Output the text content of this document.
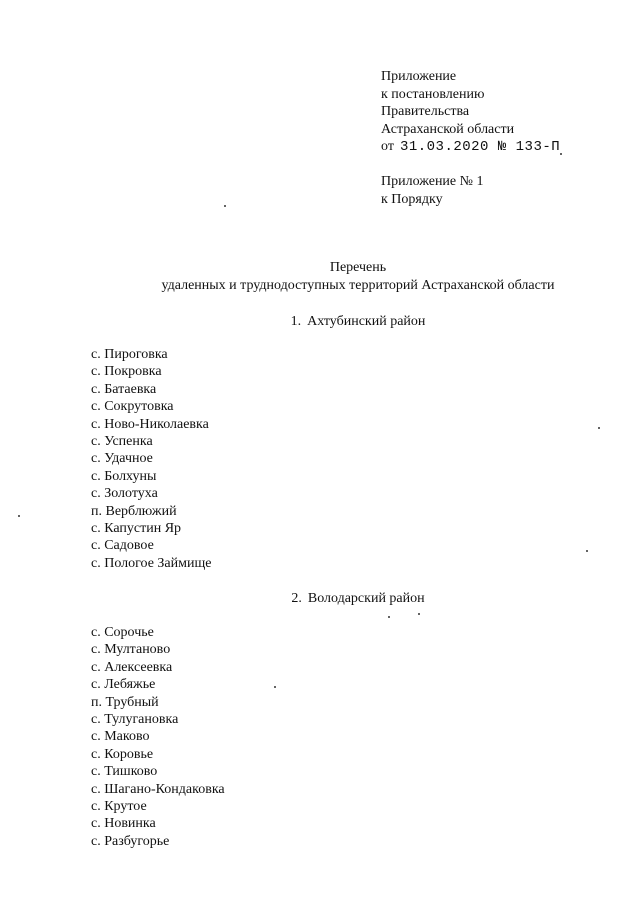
Приложение
к постановлению
Правительства
Астраханской области
от 31.03.2020 № 133-П
Приложение № 1
к Порядку
Перечень
удаленных и труднодоступных территорий Астраханской области
1. Ахтубинский район
с. Пироговка
с. Покровка
с. Батаевка
с. Сокрутовка
с. Ново-Николаевка
с. Успенка
с. Удачное
с. Болхуны
с. Золотуха
п. Верблюжий
с. Капустин Яр
с. Садовое
с. Пологое Займище
2. Володарский район
с. Сорочье
с. Мултаново
с. Алексеевка
с. Лебяжье
п. Трубный
с. Тулугановка
с. Маково
с. Коровье
с. Тишково
с. Шагано-Кондаковка
с. Крутое
с. Новинка
с. Разбугорье
